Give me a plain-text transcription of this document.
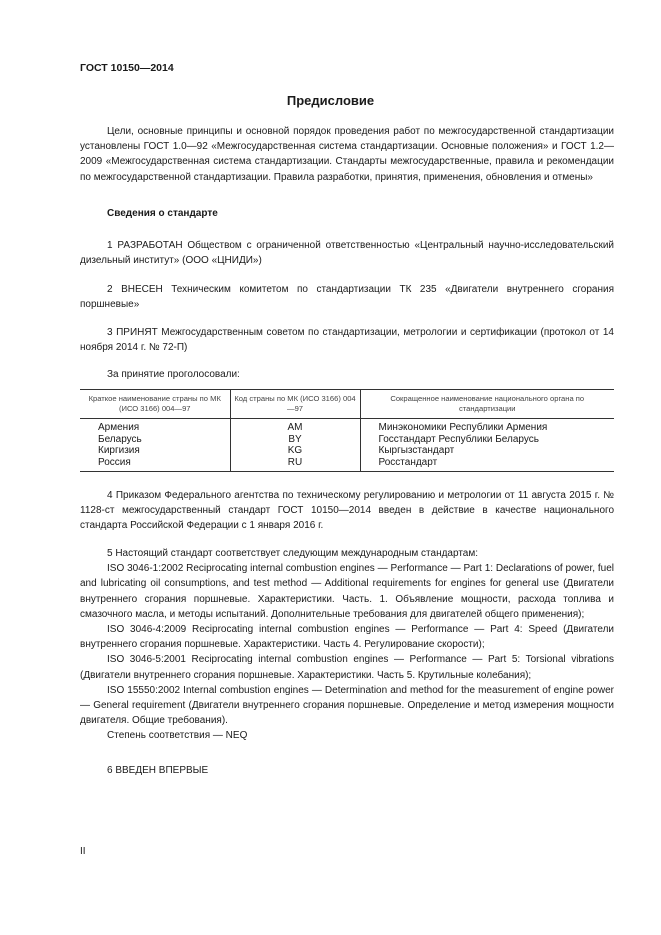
ГОСТ 10150—2014
Предисловие

Цели, основные принципы и основной порядок проведения работ по межгосударственной стандартизации установлены ГОСТ 1.0—92 «Межгосударственная система стандартизации. Основные положения» и ГОСТ 1.2—2009 «Межгосударственная система стандартизации. Стандарты межгосударственные, правила и рекомендации по межгосударственной стандартизации. Правила разработки, принятия, применения, обновления и отмены»

Сведения о стандарте

1 РАЗРАБОТАН Обществом с ограниченной ответственностью «Центральный научно-исследовательский дизельный институт» (ООО «ЦНИДИ»)

2 ВНЕСЕН Техническим комитетом по стандартизации ТК 235 «Двигатели внутреннего сгорания поршневые»

3 ПРИНЯТ Межгосударственным советом по стандартизации, метрологии и сертификации (протокол от 14 ноября 2014 г. № 72-П)

За принятие проголосовали:

Краткое наименование страны по МК (ИСО 3166) 004—97	Код страны по МК (ИСО 3166) 004—97	Сокращенное наименование национального органа по стандартизации
Армения	AM	Минэкономики Республики Армения
Беларусь	BY	Госстандарт Республики Беларусь
Киргизия	KG	Кыргызстандарт
Россия	RU	Росстандарт

4 Приказом Федерального агентства по техническому регулированию и метрологии от 11 августа 2015 г. № 1128-ст межгосударственный стандарт ГОСТ 10150—2014 введен в действие в качестве национального стандарта Российской Федерации с 1 января 2016 г.

5 Настоящий стандарт соответствует следующим международным стандартам:

ISO 3046-1:2002 Reciprocating internal combustion engines — Performance — Part 1: Declarations of power, fuel and lubricating oil consumptions, and test method — Additional requirements for engines for general use (Двигатели внутреннего сгорания поршневые. Характеристики. Часть. 1. Объявление мощности, расхода топлива и смазочного масла, и методы испытаний. Дополнительные требования для двигателей общего применения);

ISO 3046-4:2009 Reciprocating internal combustion engines — Performance — Part 4: Speed (Двигатели внутреннего сгорания поршневые. Характеристики. Часть 4. Регулирование скорости);

ISO 3046-5:2001 Reciprocating internal combustion engines — Performance — Part 5: Torsional vibrations (Двигатели внутреннего сгорания поршневые. Характеристики. Часть 5. Крутильные колебания);

ISO 15550:2002 Internal combustion engines — Determination and method for the measurement of engine power — General requirement (Двигатели внутреннего сгорания поршневые. Определение и метод измерения мощности двигателя. Общие требования).

Степень соответствия — NEQ

6 ВВЕДЕН ВПЕРВЫЕ

II
